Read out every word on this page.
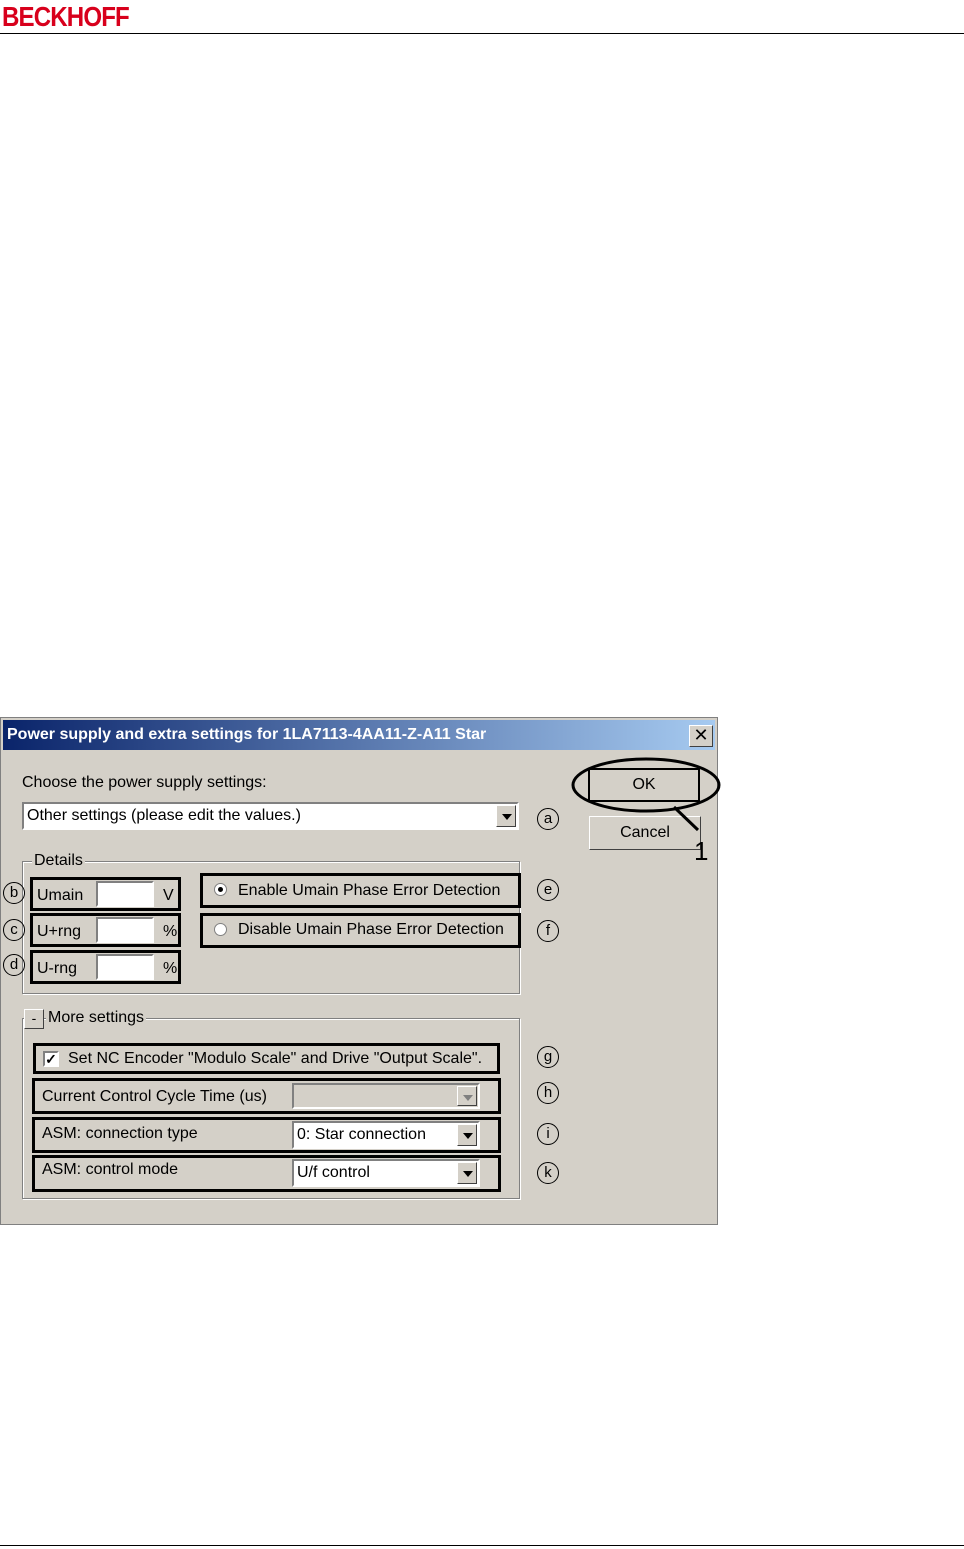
BECKHOFF
Power supply and extra settings for 1LA7113-4AA11-Z-A11 Star	✕
Choose the power supply settings:
Other settings (please edit the values.)	a
OK
Cancel
1
Details
Umain	V
b
U+rng	%
c
U-rng	%
d
Enable Umain Phase Error Detection	e
Disable Umain Phase Error Detection	f
- More settings
✓ Set NC Encoder "Modulo Scale" and Drive "Output Scale".	g
Current Control Cycle Time (us)	h
ASM: connection type	0: Star connection	i
ASM: control mode	U/f control	k
